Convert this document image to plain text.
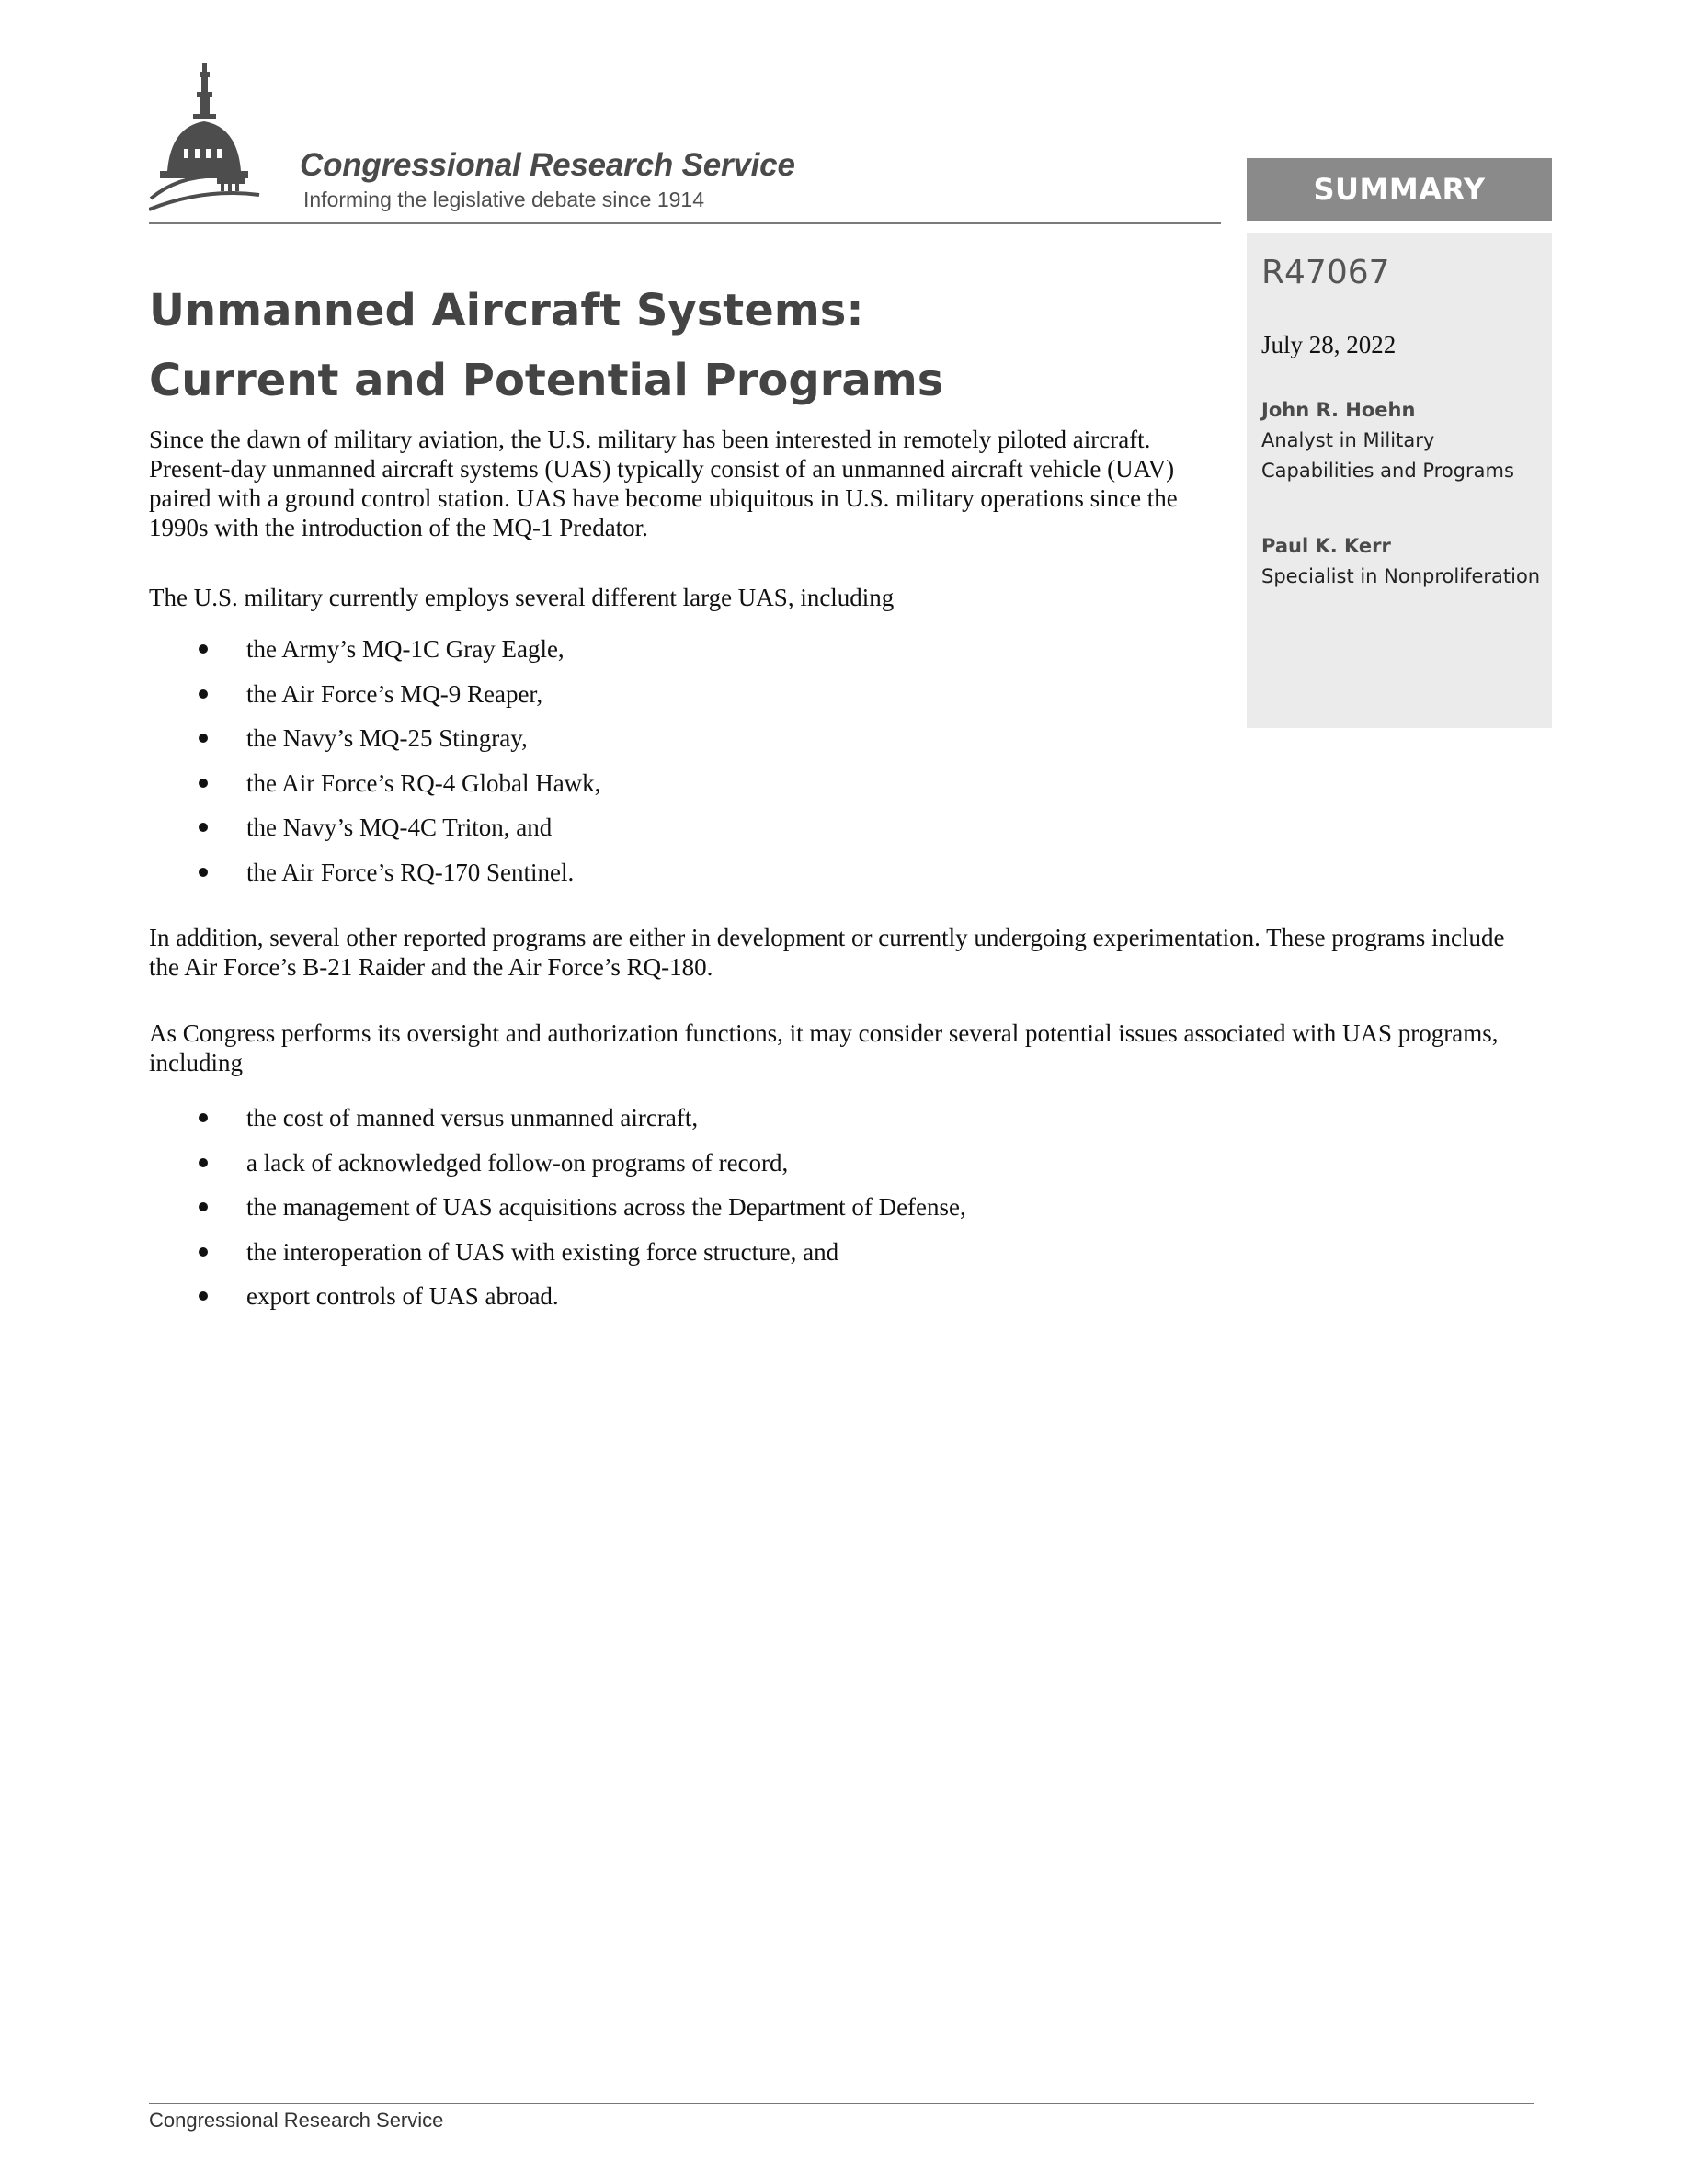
Congressional Research Service
Informing the legislative debate since 1914	SUMMARY
R47067
July 28, 2022
John R. Hoehn
Analyst in Military Capabilities and Programs
Paul K. Kerr
Specialist in Nonproliferation
Unmanned Aircraft Systems:
Current and Potential Programs

Since the dawn of military aviation, the U.S. military has been interested in remotely piloted aircraft. Present-day unmanned aircraft systems (UAS) typically consist of an unmanned aircraft vehicle (UAV) paired with a ground control station. UAS have become ubiquitous in U.S. military operations since the 1990s with the introduction of the MQ-1 Predator.

The U.S. military currently employs several different large UAS, including

the Army’s MQ-1C Gray Eagle,
the Air Force’s MQ-9 Reaper,
the Navy’s MQ-25 Stingray,
the Air Force’s RQ-4 Global Hawk,
the Navy’s MQ-4C Triton, and
the Air Force’s RQ-170 Sentinel.

In addition, several other reported programs are either in development or currently undergoing experimentation. These programs include the Air Force’s B-21 Raider and the Air Force’s RQ-180.

As Congress performs its oversight and authorization functions, it may consider several potential issues associated with UAS programs, including

the cost of manned versus unmanned aircraft,
a lack of acknowledged follow-on programs of record,
the management of UAS acquisitions across the Department of Defense,
the interoperation of UAS with existing force structure, and
export controls of UAS abroad.
Congressional Research Service
